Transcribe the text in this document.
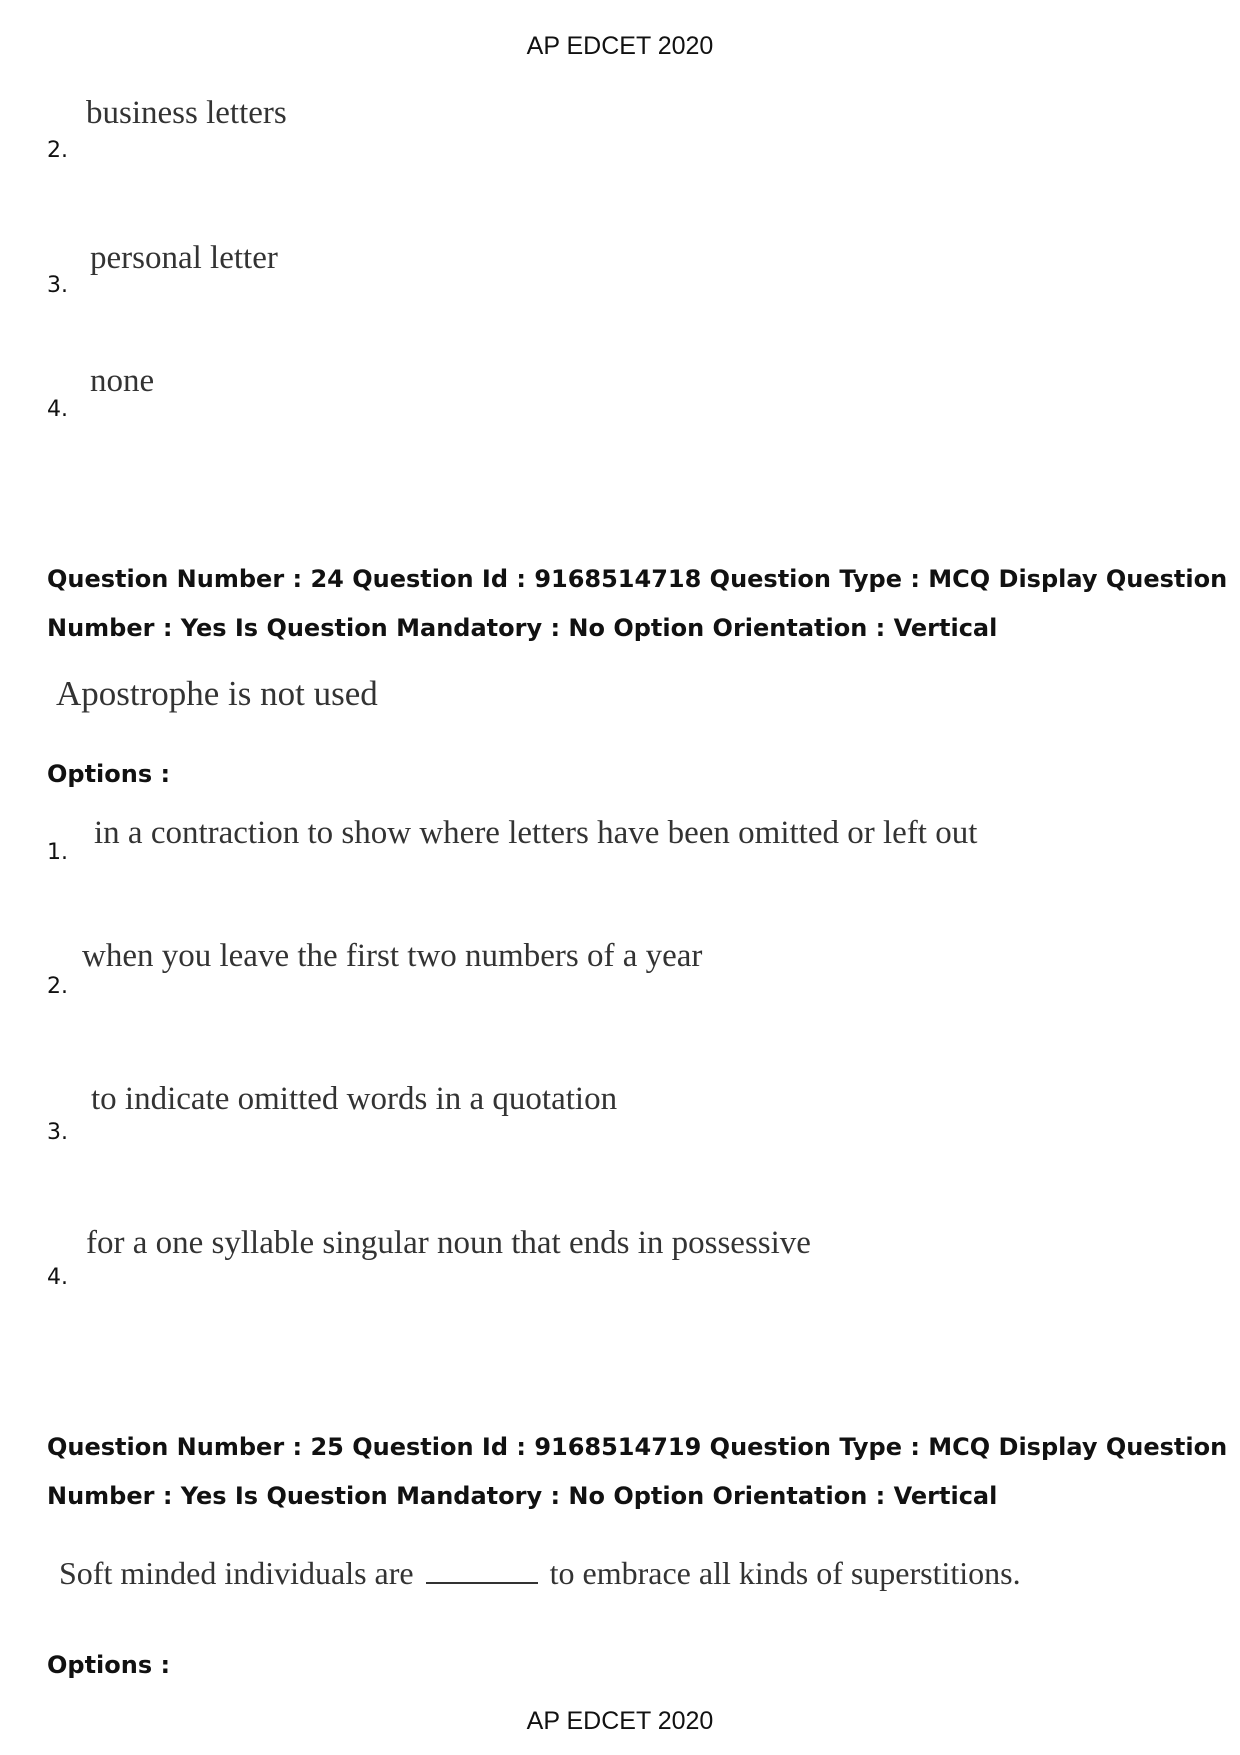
AP EDCET 2020
business letters
2.
personal letter
3.
none
4.
Question Number : 24 Question Id : 9168514718 Question Type : MCQ Display Question
Number : Yes Is Question Mandatory : No Option Orientation : Vertical
Apostrophe is not used
Options :
in a contraction to show where letters have been omitted or left out
1.
when you leave the first two numbers of a year
2.
to indicate omitted words in a quotation
3.
for a one syllable singular noun that ends in possessive
4.
Question Number : 25 Question Id : 9168514719 Question Type : MCQ Display Question
Number : Yes Is Question Mandatory : No Option Orientation : Vertical
Soft minded individuals are	to embrace all kinds of superstitions.
Options :
AP EDCET 2020
